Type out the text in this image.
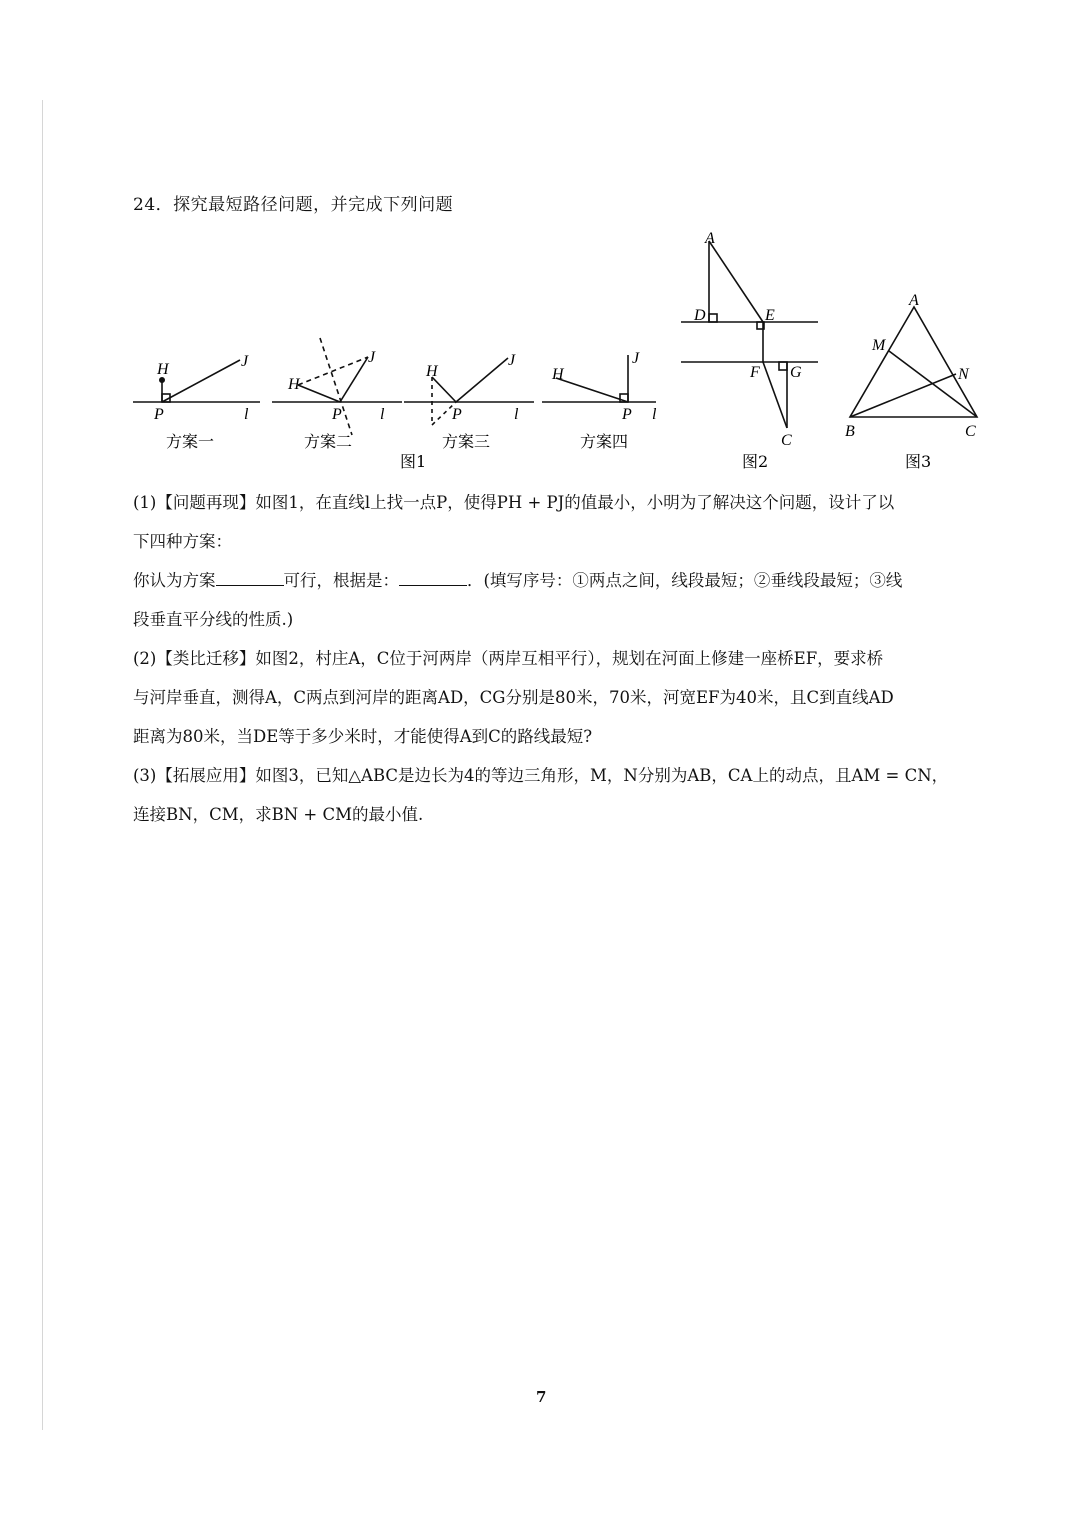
24．探究最短路径问题，并完成下列问题
H	J
P	l
H
J
P l
H
J
P	l
H
J
P l
方案一	方案二	方案三	方案四
图1
A
D	E
F G
C
图2
A
M
N
B	C
图3
(1)【问题再现】如图1，在直线l上找一点P，使得PH + PJ的值最小，小明为了解决这个问题，设计了以
下四种方案：
你认为方案	可行，根据是：	．(填写序号：①两点之间，线段最短；②垂线段最短；③线
段垂直平分线的性质.)
(2)【类比迁移】如图2，村庄A，C位于河两岸（两岸互相平行），规划在河面上修建一座桥EF，要求桥
与河岸垂直，测得A，C两点到河岸的距离AD，CG分别是80米，70米，河宽EF为40米，且C到直线AD
距离为80米，当DE等于多少米时，才能使得A到C的路线最短?
(3)【拓展应用】如图3，已知△ABC是边长为4的等边三角形，M，N分别为AB，CA上的动点，且AM = CN，
连接BN，CM，求BN + CM的最小值.
7
